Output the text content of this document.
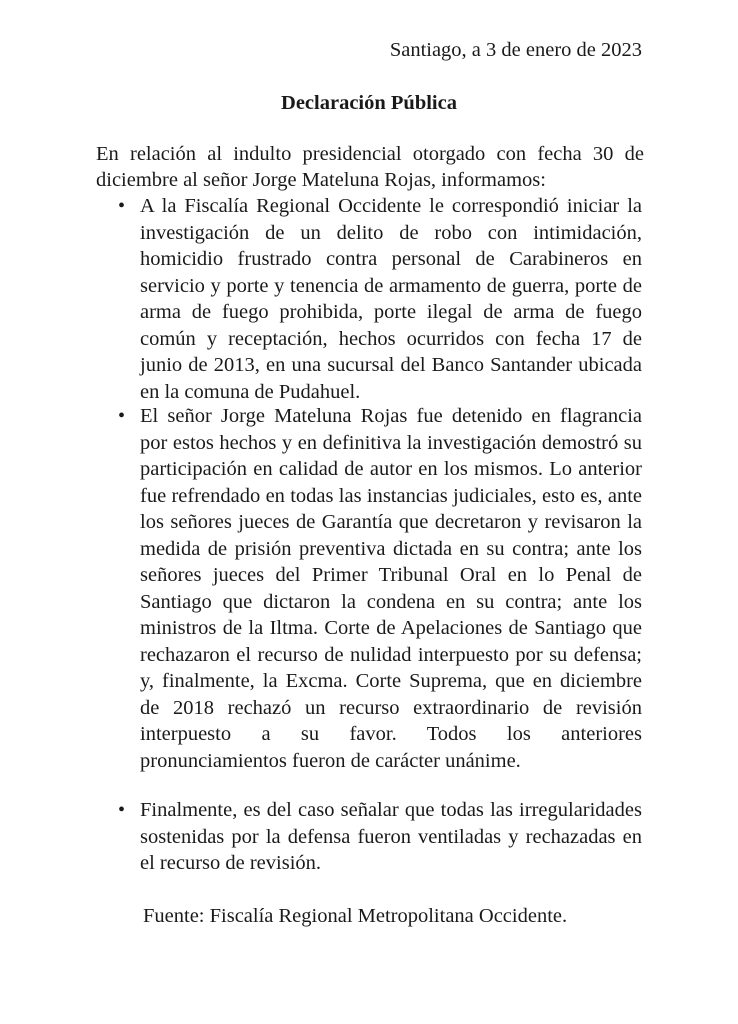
Santiago, a 3 de enero de 2023
Declaración Pública
En relación al indulto presidencial otorgado con fecha 30 de diciembre al señor Jorge Mateluna Rojas, informamos:
• A la Fiscalía Regional Occidente le correspondió iniciar la investigación de un delito de robo con intimidación, homicidio frustrado contra personal de Carabineros en servicio y porte y tenencia de armamento de guerra, porte de arma de fuego prohibida, porte ilegal de arma de fuego común y receptación, hechos ocurridos con fecha 17 de junio de 2013, en una sucursal del Banco Santander ubicada en la comuna de Pudahuel.
• El señor Jorge Mateluna Rojas fue detenido en flagrancia por estos hechos y en definitiva la investigación demostró su participación en calidad de autor en los mismos. Lo anterior fue refrendado en todas las instancias judiciales, esto es, ante los señores jueces de Garantía que decretaron y revisaron la medida de prisión preventiva dictada en su contra; ante los señores jueces del Primer Tribunal Oral en lo Penal de Santiago que dictaron la condena en su contra; ante los ministros de la Iltma. Corte de Apelaciones de Santiago que rechazaron el recurso de nulidad interpuesto por su defensa; y, finalmente, la Excma. Corte Suprema, que en diciembre de 2018 rechazó un recurso extraordinario de revisión interpuesto a su favor. Todos los anteriores pronunciamientos fueron de carácter unánime.
• Finalmente, es del caso señalar que todas las irregularidades sostenidas por la defensa fueron ventiladas y rechazadas en el recurso de revisión.
Fuente: Fiscalía Regional Metropolitana Occidente.
